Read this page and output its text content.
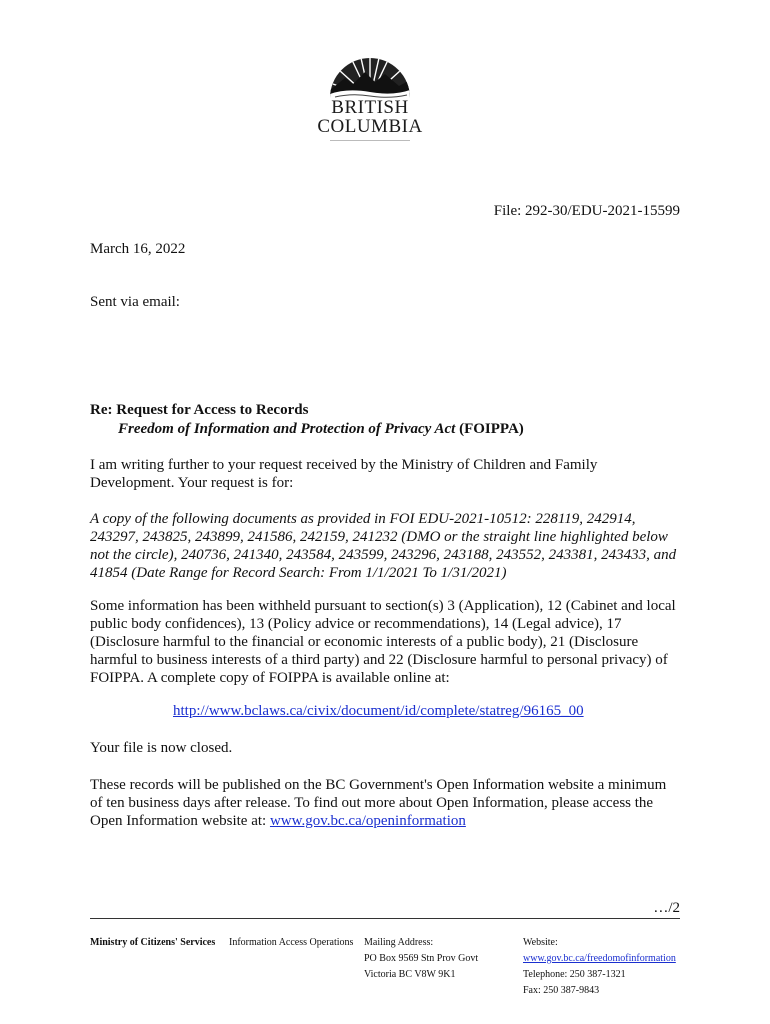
BRITISH
COLUMBIA
File: 292-30/EDU-2021-15599
March 16, 2022
Sent via email:
Re: Request for Access to Records
Freedom of Information and Protection of Privacy Act (FOIPPA)

I am writing further to your request received by the Ministry of Children and Family Development. Your request is for:

A copy of the following documents as provided in FOI EDU-2021-10512: 228119, 242914, 243297, 243825, 243899, 241586, 242159, 241232 (DMO or the straight line highlighted below not the circle), 240736, 241340, 243584, 243599, 243296, 243188, 243552, 243381, 243433, and 41854 (Date Range for Record Search: From 1/1/2021 To 1/31/2021)

Some information has been withheld pursuant to section(s) 3 (Application), 12 (Cabinet and local public body confidences), 13 (Policy advice or recommendations), 14 (Legal advice), 17 (Disclosure harmful to the financial or economic interests of a public body), 21 (Disclosure harmful to business interests of a third party) and 22 (Disclosure harmful to personal privacy) of FOIPPA. A complete copy of FOIPPA is available online at:

http://www.bclaws.ca/civix/document/id/complete/statreg/96165_00

Your file is now closed.

These records will be published on the BC Government's Open Information website a minimum of ten business days after release. To find out more about Open Information, please access the Open Information website at: www.gov.bc.ca/openinformation

…/2
Ministry of Citizens' Services Information Access Operations Mailing Address:
PO Box 9569 Stn Prov Govt
Victoria BC V8W 9K1
Website:
www.gov.bc.ca/freedomofinformation
Telephone: 250 387-1321
Fax: 250 387-9843
